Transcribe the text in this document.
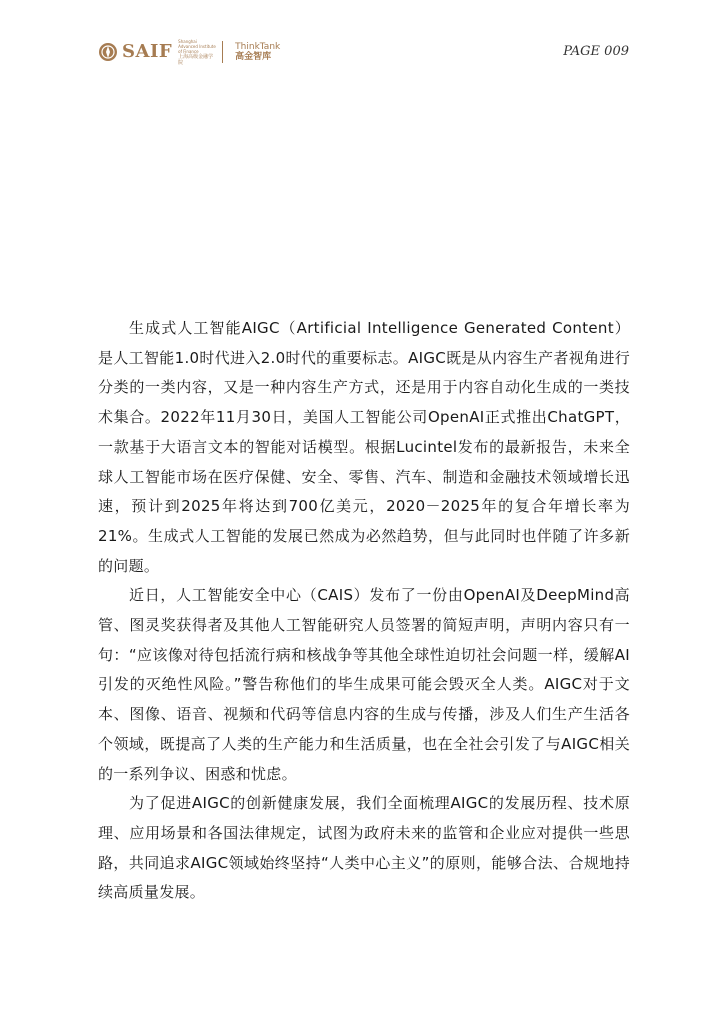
SAIF Shanghai Advanced Institute of Finance
上海高级金融学院
ThinkTank
高金智库	PAGE 009

生成式人工智能AIGC（Artificial Intelligence Generated Content）是人工智能1.0时代进入2.0时代的重要标志。AIGC既是从内容生产者视角进行分类的一类内容，又是一种内容生产方式，还是用于内容自动化生成的一类技术集合。2022年11月30日，美国人工智能公司OpenAI正式推出ChatGPT，一款基于大语言文本的智能对话模型。根据Lucintel发布的最新报告，未来全球人工智能市场在医疗保健、安全、零售、汽车、制造和金融技术领域增长迅速，预计到2025年将达到700亿美元，2020－2025年的复合年增长率为21%。生成式人工智能的发展已然成为必然趋势，但与此同时也伴随了许多新的问题。

近日，人工智能安全中心（CAIS）发布了一份由OpenAI及DeepMind高管、图灵奖获得者及其他人工智能研究人员签署的简短声明，声明内容只有一句：“应该像对待包括流行病和核战争等其他全球性迫切社会问题一样，缓解AI引发的灭绝性风险。”警告称他们的毕生成果可能会毁灭全人类。AIGC对于文本、图像、语音、视频和代码等信息内容的生成与传播，涉及人们生产生活各个领域，既提高了人类的生产能力和生活质量，也在全社会引发了与AIGC相关的一系列争议、困惑和忧虑。

为了促进AIGC的创新健康发展，我们全面梳理AIGC的发展历程、技术原理、应用场景和各国法律规定，试图为政府未来的监管和企业应对提供一些思路，共同追求AIGC领域始终坚持“人类中心主义”的原则，能够合法、合规地持续高质量发展。
